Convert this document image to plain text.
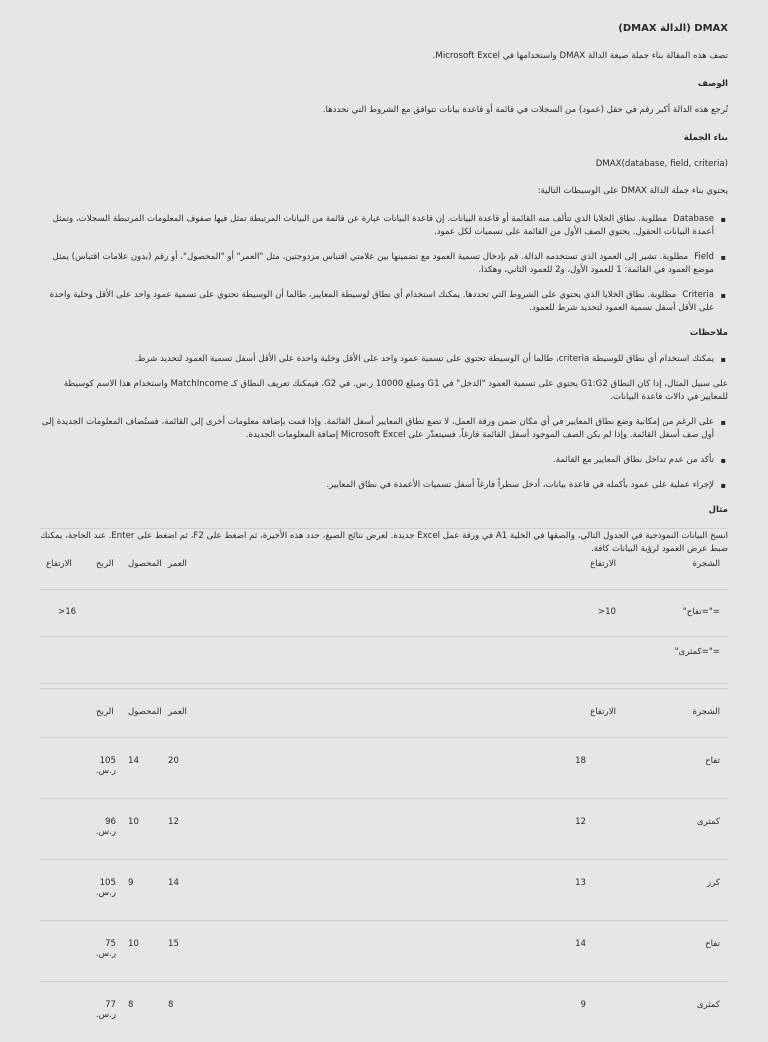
DMAX (الدالة DMAX)

تصف هذه المقالة بناء جملة صيغة الدالة DMAX واستخدامها في Microsoft Excel.

الوصف

تُرجع هذه الدالة أكبر رقم في حقل (عمود) من السجلات في قائمة أو قاعدة بيانات تتوافق مع الشروط التي تحددها.

بناء الجملة
DMAX(database, field, criteria)

يحتوي بناء جملة الدالة DMAX على الوسيطات التالية:

▪ Databaseمطلوبة. نطاق الخلايا الذي تتألف منه القائمة أو قاعدة البيانات. إن قاعدة البيانات عبارة عن قائمة من البيانات المرتبطة تمثل فيها صفوف المعلومات المرتبطة السجلات، وتمثل أعمدة البيانات الحقول. يحتوي الصف الأول من القائمة على تسميات لكل عمود.
▪ Fieldمطلوبة. تشير إلى العمود الذي تستخدمه الدالة. قم بإدخال تسمية العمود مع تضمينها بين علامتي اقتباس مزدوجتين، مثل "العمر" أو "المحصول"، أو رقم (بدون علامات اقتباس) يمثل موضع العمود في القائمة: 1 للعمود الأول، و2 للعمود الثاني، وهكذا.
▪ Criteriaمطلوبة. نطاق الخلايا الذي يحتوي على الشروط التي تحددها. يمكنك استخدام أي نطاق لوسيطة المعايير، طالما أن الوسيطة تحتوي على تسمية عمود واحد على الأقل وخلية واحدة على الأقل أسفل تسمية العمود لتحديد شرط للعمود.
ملاحظات
▪ يمكنك استخدام أي نطاق للوسيطة criteria، طالما أن الوسيطة تحتوي على تسمية عمود واحد على الأقل وخلية واحدة على الأقل أسفل تسمية العمود لتحديد شرط.

على سبيل المثال، إذا كان النطاق G1:G2 يحتوي على تسمية العمود "الدخل" في G1 ومبلغ 10000 ر.س. في G2، فيمكنك تعريف النطاق كـ MatchIncome واستخدام هذا الاسم كوسيطة للمعايير في دالات قاعدة البيانات.

▪ على الرغم من إمكانية وضع نطاق المعايير في أي مكان ضمن ورقة العمل، لا تضع نطاق المعايير أسفل القائمة. وإذا قمت بإضافة معلومات أخرى إلى القائمة، فستُضاف المعلومات الجديدة إلى أول صف أسفل القائمة. وإذا لم يكن الصف الموجود أسفل القائمة فارغاً، فسيتعذّر على Microsoft Excel إضافة المعلومات الجديدة.
▪ تأكد من عدم تداخل نطاق المعايير مع القائمة.
▪ لإجراء عملية على عمود بأكمله في قاعدة بيانات، أدخل سطراً فارغاً أسفل تسميات الأعمدة في نطاق المعايير.
مثال

انسخ البيانات النموذجية في الجدول التالي، والصقها في الخلية A1 في ورقة عمل Excel جديدة. لعرض نتائج الصيغ، حدد هذه الأخيرة، ثم اضغط على F2، ثم اضغط على Enter. عند الحاجة، يمكنك ضبط عرض العمود لرؤية البيانات كافة.

الشجرة
الارتفاع
العمر
المحصول
الربح
الارتفاع
="=تفاح"
10<
16<
="=كمثرى"
الشجرة
الارتفاع
العمر
المحصول
الربح
تفاح
18
20
14
105
ر.س.
كمثرى
12
12
10
96
ر.س.
كرز
13
14
9
105
ر.س.
تفاح
14
15
10
75
ر.س.
كمثرى
9
8
8
77
ر.س.
